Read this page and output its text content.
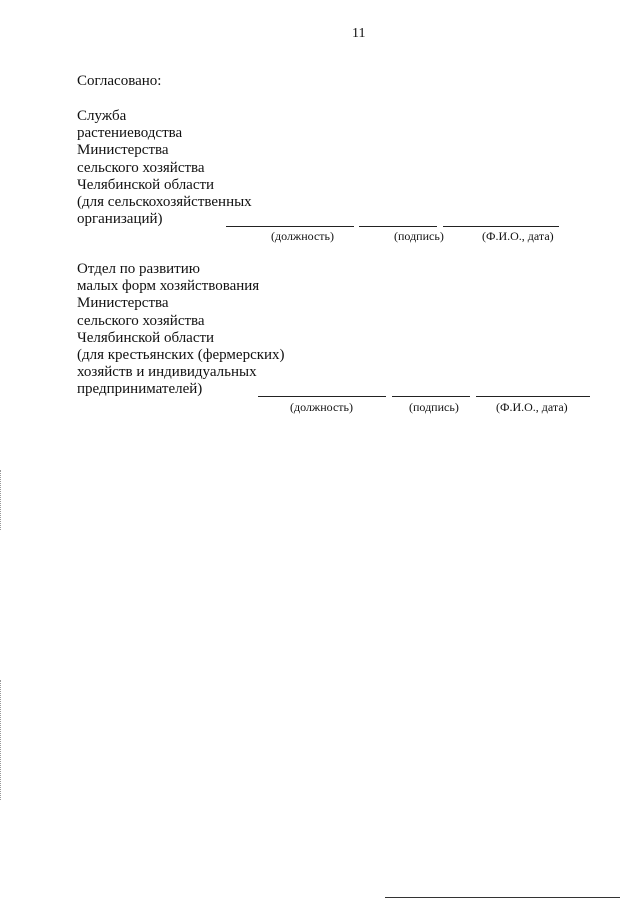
11
Согласовано:
Служба
растениеводства
Министерства
сельского хозяйства
Челябинской области
(для сельскохозяйственных
организаций)
(должность)	(подпись)	(Ф.И.О., дата)
Отдел по развитию
малых форм хозяйствования
Министерства
сельского хозяйства
Челябинской области
(для крестьянских (фермерских)
хозяйств и индивидуальных
предпринимателей)
(должность)	(подпись)	(Ф.И.О., дата)
